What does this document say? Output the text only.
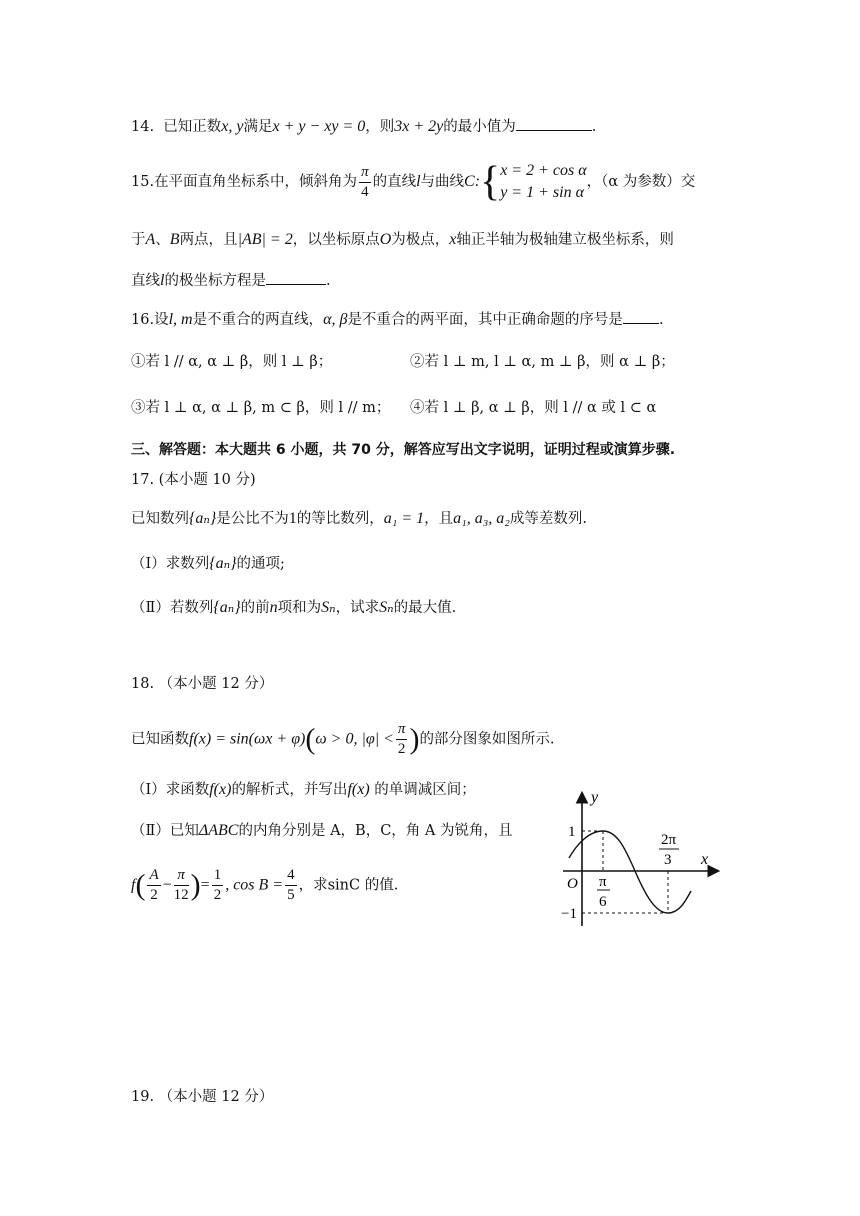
14. 已知正数x, y满足x + y − xy = 0，则3x + 2y的最小值为	.
15.在平面直角坐标系中，倾斜角为 $\frac{\pi}{4}$ 的直线l与曲线C:{ x = 2 + cos α
y = 1 + sin α
，（α 为参数）交
于A、B两点，且|AB| = 2，以坐标原点O为极点，x轴正半轴为极轴建立极坐标系，则
直线l的极坐标方程是	.
16.设l, m是不重合的两直线，α, β是不重合的两平面，其中正确命题的序号是 .
①若 l // α, α ⊥ β，则 l ⊥ β；	②若 l ⊥ m, l ⊥ α, m ⊥ β，则 α ⊥ β；
③若 l ⊥ α, α ⊥ β, m ⊂ β，则 l // m； ④若 l ⊥ β, α ⊥ β，则 l // α 或 l ⊂ α
三、解答题：本大题共 6 小题，共 70 分，解答应写出文字说明，证明过程或演算步骤.
17. (本小题 10 分)
已知数列{aₙ}是公比不为1的等比数列，a₁ = 1，且a₁, a₃, a₂成等差数列.
（Ⅰ）求数列{aₙ}的通项;
（Ⅱ）若数列{aₙ}的前n项和为Sₙ，试求Sₙ的最大值.
18. （本小题 12 分）
已知函数f(x) = sin(ωx + φ)(ω > 0, $|\varphi| < \frac{\pi}{2}$ )的部分图象如图所示.
（Ⅰ）求函数f(x)的解析式，并写出f(x) 的单调减区间；
（Ⅱ）已知ΔABC的内角分别是 A，B，C，角 A 为锐角，且
$f( \frac{A}{2} - \frac{\pi}{12}$ )= $\frac{1}{2}$ , $\cos B = \frac{4}{5}$ ，求sinC 的值.
y
x
O
1
−1
π
6
2π
3
19. （本小题 12 分）
